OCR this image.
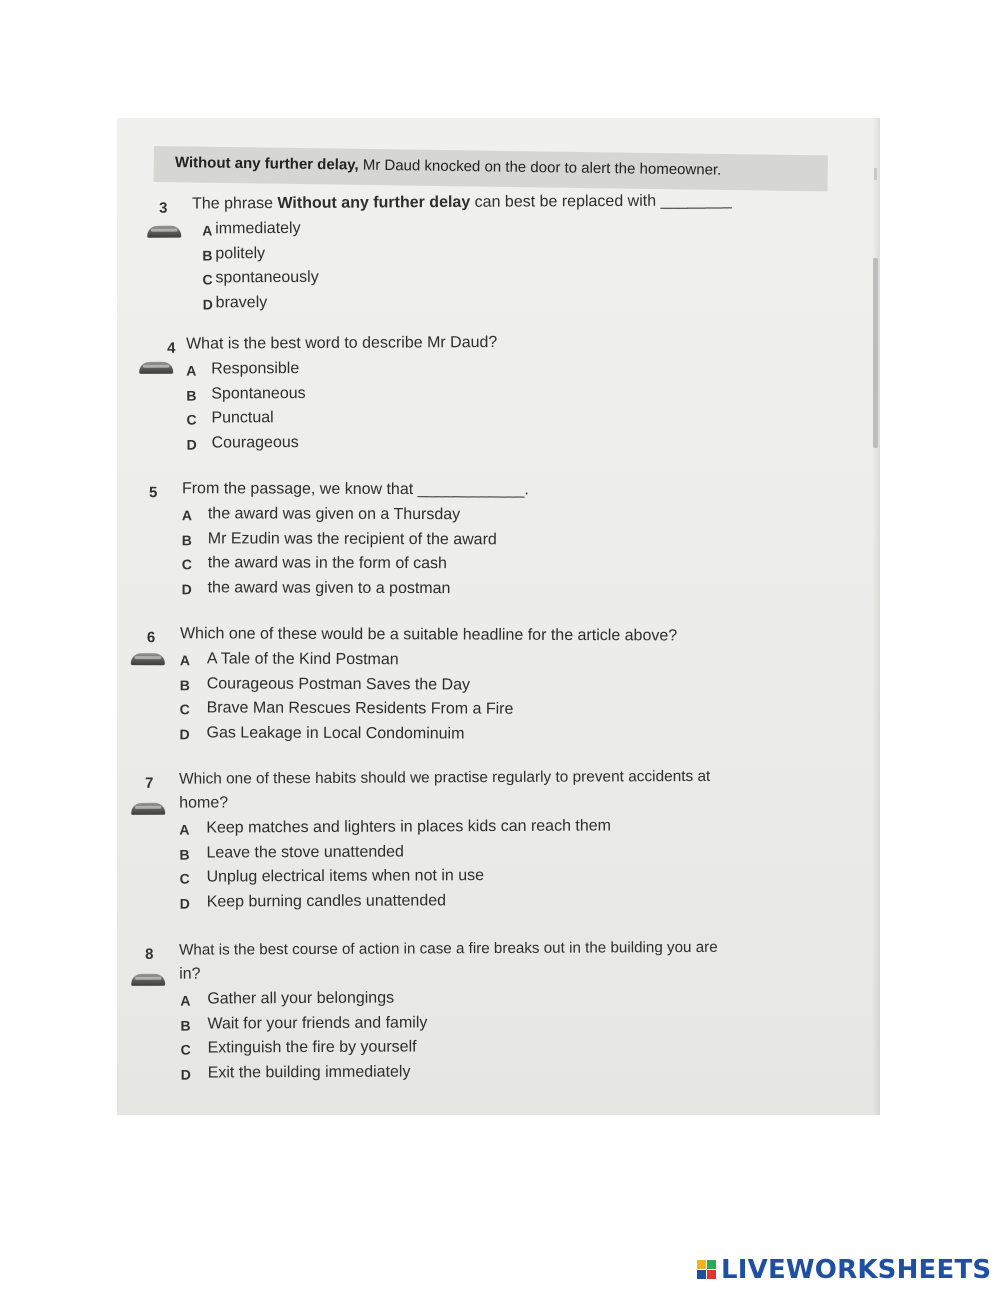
Without any further delay, Mr Daud knocked on the door to alert the homeowner.
3 The phrase Without any further delay can best be replaced with ________
A immediately
B politely
C spontaneously
D bravely
4 What is the best word to describe Mr Daud?
A Responsible
B Spontaneous
C Punctual
D Courageous
5 From the passage, we know that ____________.
A the award was given on a Thursday
B Mr Ezudin was the recipient of the award
C the award was in the form of cash
D the award was given to a postman
6 Which one of these would be a suitable headline for the article above?
A A Tale of the Kind Postman
B Courageous Postman Saves the Day
C Brave Man Rescues Residents From a Fire
D Gas Leakage in Local Condominuim
7 Which one of these habits should we practise regularly to prevent accidents at
home?
A Keep matches and lighters in places kids can reach them
B Leave the stove unattended
C Unplug electrical items when not in use
D Keep burning candles unattended
8 What is the best course of action in case a fire breaks out in the building you are
in?
A Gather all your belongings
B Wait for your friends and family
C Extinguish the fire by yourself
D Exit the building immediately
LIVEWORKSHEETS
